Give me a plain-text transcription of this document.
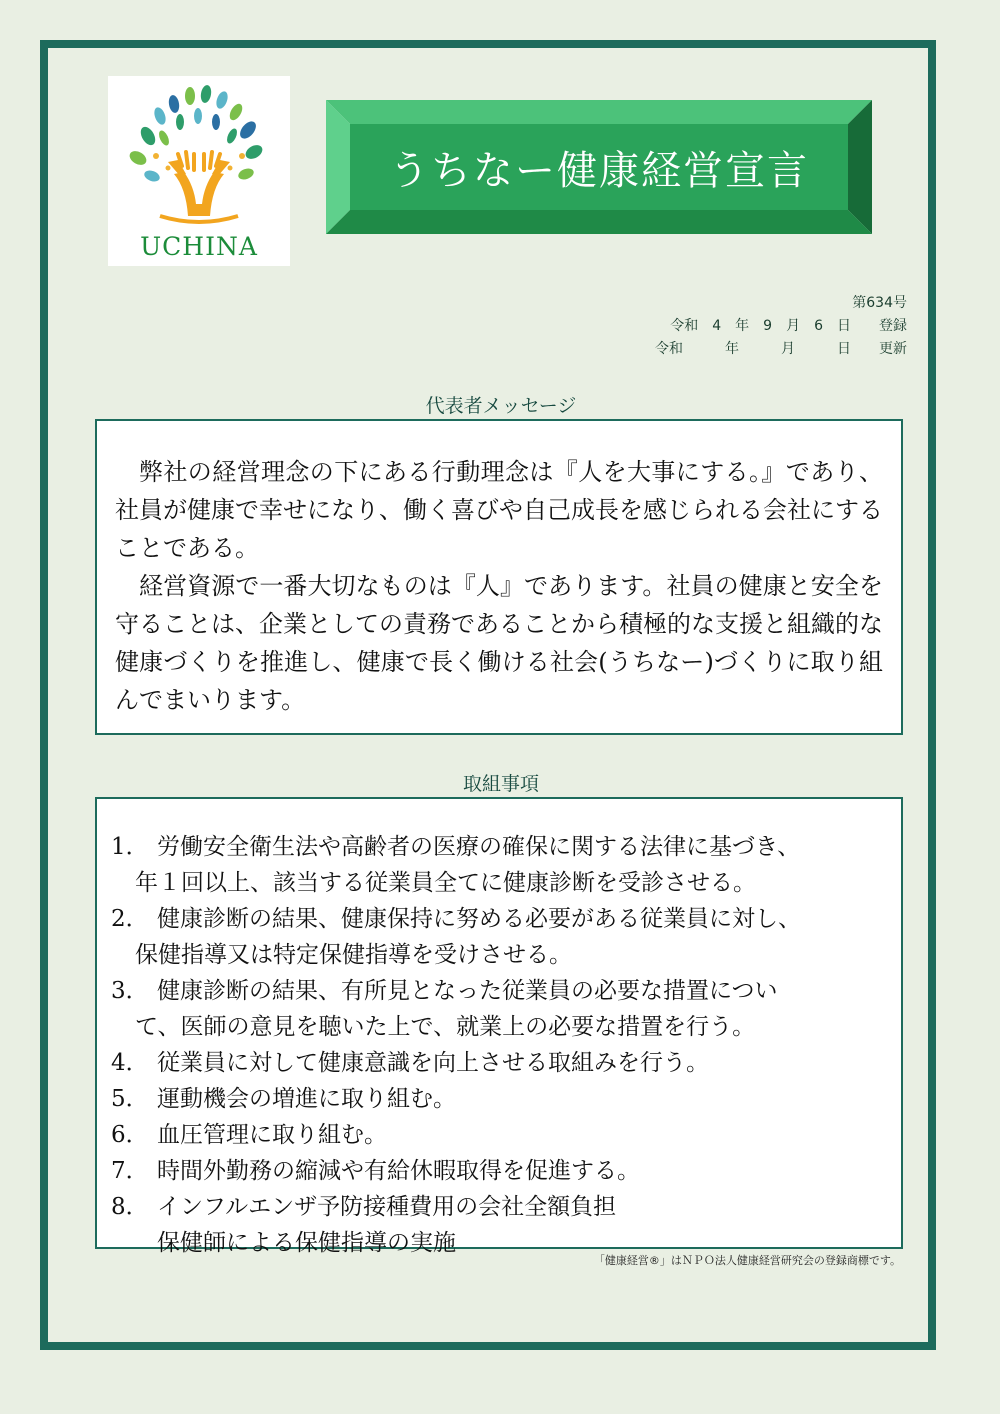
UCHINA
うちなー健康経営宣言
第634号
令和　4　年　9　月　6　日　　登録
令和　　　年　　　月　　　日　　更新
代表者メッセージ

弊社の経営理念の下にある行動理念は『人を大事にする。』であり、社員が健康で幸せになり、働く喜びや自己成長を感じられる会社にすることである。

経営資源で一番大切なものは『人』であります。社員の健康と安全を守ることは、企業としての責務であることから積極的な支援と組織的な健康づくりを推進し、健康で長く働ける社会(うちなー)づくりに取り組んでまいります。

取組事項
1． 労働安全衛生法や高齢者の医療の確保に関する法律に基づき、
年１回以上、該当する従業員全てに健康診断を受診させる。
2． 健康診断の結果、健康保持に努める必要がある従業員に対し、
保健指導又は特定保健指導を受けさせる。
3． 健康診断の結果、有所見となった従業員の必要な措置につい
て、医師の意見を聴いた上で、就業上の必要な措置を行う。
4． 従業員に対して健康意識を向上させる取組みを行う。
5． 運動機会の増進に取り組む。
6． 血圧管理に取り組む。
7． 時間外勤務の縮減や有給休暇取得を促進する。
8． インフルエンザ予防接種費用の会社全額負担
保健師による保健指導の実施
「健康経営®」はＮＰＯ法人健康経営研究会の登録商標です。
